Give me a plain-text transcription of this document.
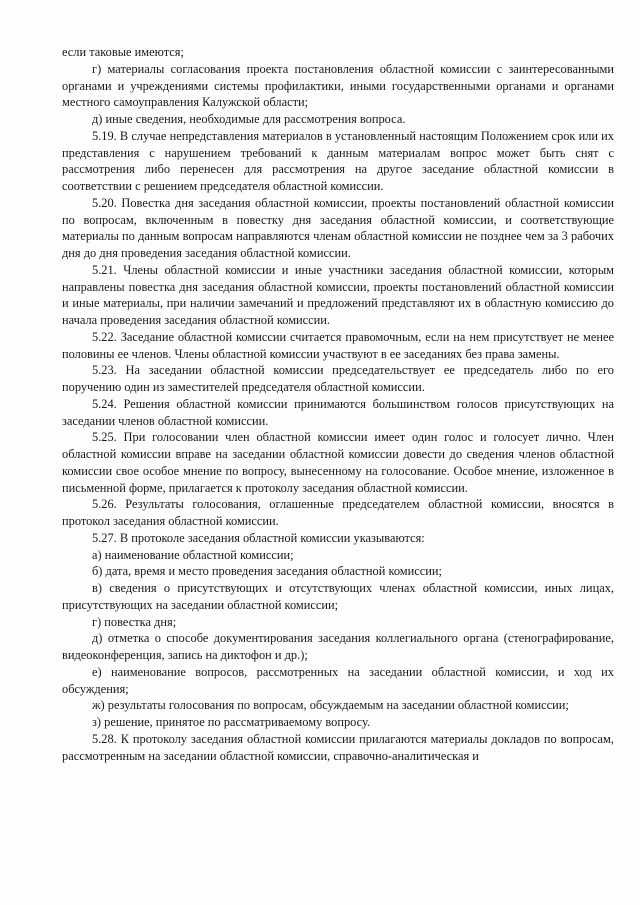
если таковые имеются;

г) материалы согласования проекта постановления областной комиссии с заинтересованными органами и учреждениями системы профилактики, иными государственными органами и органами местного самоуправления Калужской области;

д) иные сведения, необходимые для рассмотрения вопроса.

5.19. В случае непредставления материалов в установленный настоящим Положением срок или их представления с нарушением требований к данным материалам вопрос может быть снят с рассмотрения либо перенесен для рассмотрения на другое заседание областной комиссии в соответствии с решением председателя областной комиссии.

5.20. Повестка дня заседания областной комиссии, проекты постановлений областной комиссии по вопросам, включенным в повестку дня заседания областной комиссии, и соответствующие материалы по данным вопросам направляются членам областной комиссии не позднее чем за 3 рабочих дня до дня проведения заседания областной комиссии.

5.21. Члены областной комиссии и иные участники заседания областной комиссии, которым направлены повестка дня заседания областной комиссии, проекты постановлений областной комиссии и иные материалы, при наличии замечаний и предложений представляют их в областную комиссию до начала проведения заседания областной комиссии.

5.22. Заседание областной комиссии считается правомочным, если на нем присутствует не менее половины ее членов. Члены областной комиссии участвуют в ее заседаниях без права замены.

5.23. На заседании областной комиссии председательствует ее председатель либо по его поручению один из заместителей председателя областной комиссии.

5.24. Решения областной комиссии принимаются большинством голосов присутствующих на заседании членов областной комиссии.

5.25. При голосовании член областной комиссии имеет один голос и голосует лично. Член областной комиссии вправе на заседании областной комиссии довести до сведения членов областной комиссии свое особое мнение по вопросу, вынесенному на голосование. Особое мнение, изложенное в письменной форме, прилагается к протоколу заседания областной комиссии.

5.26. Результаты голосования, оглашенные председателем областной комиссии, вносятся в протокол заседания областной комиссии.

5.27. В протоколе заседания областной комиссии указываются:

а) наименование областной комиссии;

б) дата, время и место проведения заседания областной комиссии;

в) сведения о присутствующих и отсутствующих членах областной комиссии, иных лицах, присутствующих на заседании областной комиссии;

г) повестка дня;

д) отметка о способе документирования заседания коллегиального органа (стенографирование, видеоконференция, запись на диктофон и др.);

е) наименование вопросов, рассмотренных на заседании областной комиссии, и ход их обсуждения;

ж) результаты голосования по вопросам, обсуждаемым на заседании областной комиссии;

з) решение, принятое по рассматриваемому вопросу.

5.28. К протоколу заседания областной комиссии прилагаются материалы докладов по вопросам, рассмотренным на заседании областной комиссии, справочно-аналитическая и
